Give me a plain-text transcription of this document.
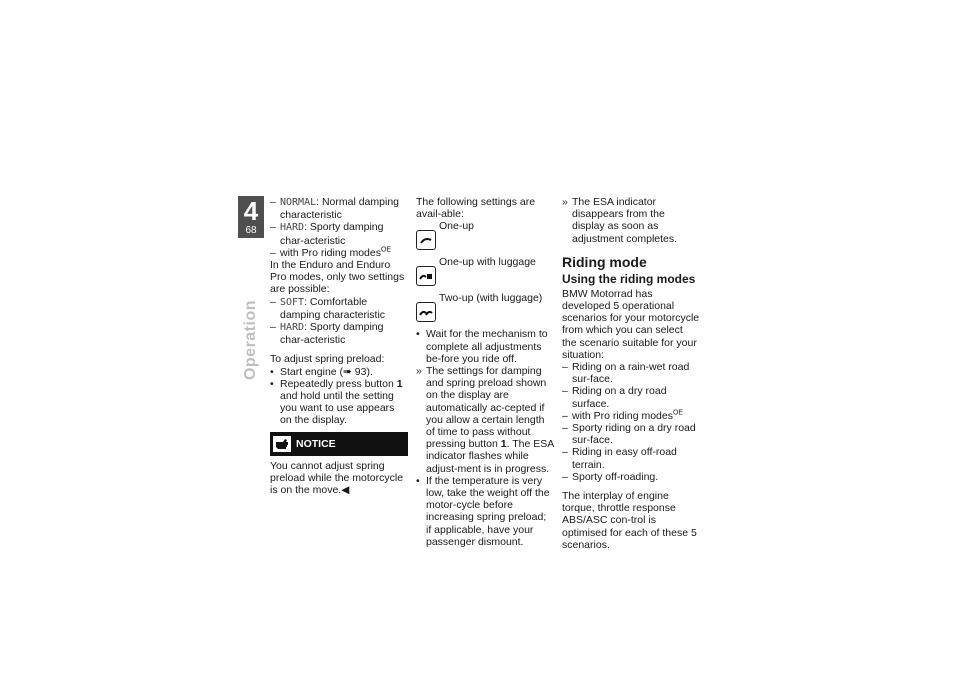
4
68
Operation
– NORMAL: Normal damping characteristic
– HARD: Sporty damping char-acteristic
– with Pro riding modes$^{OE}$

In the Enduro and Enduro Pro modes, only two settings are possible:

– SOFT: Comfortable damping characteristic
– HARD: Sporty damping char-acteristic

To adjust spring preload:

• Start engine (➠ 93).
• Repeatedly press button 1 and hold until the setting you want to use appears on the display.
NOTICE

You cannot adjust spring preload while the motorcycle is on the move.◀

The following settings are avail-able:

One-up
One-up with luggage
Two-up (with luggage)
• Wait for the mechanism to complete all adjustments be-fore you ride off.
» The settings for damping and spring preload shown on the display are automatically ac-cepted if you allow a certain length of time to pass without pressing button 1. The ESA indicator flashes while adjust-ment is in progress.
• If the temperature is very low, take the weight off the motor-cycle before increasing spring preload; if applicable, have your passenger dismount.
» The ESA indicator disappears from the display as soon as adjustment completes.
Riding mode
Using the riding modes

BMW Motorrad has developed 5 operational scenarios for your motorcycle from which you can select the scenario suitable for your situation:

– Riding on a rain-wet road sur-face.
– Riding on a dry road surface.
– with Pro riding modes$^{OE}$
– Sporty riding on a dry road sur-face.
– Riding in easy off-road terrain.
– Sporty off-roading.

The interplay of engine torque, throttle response ABS/ASC con-trol is optimised for each of these 5 scenarios.
